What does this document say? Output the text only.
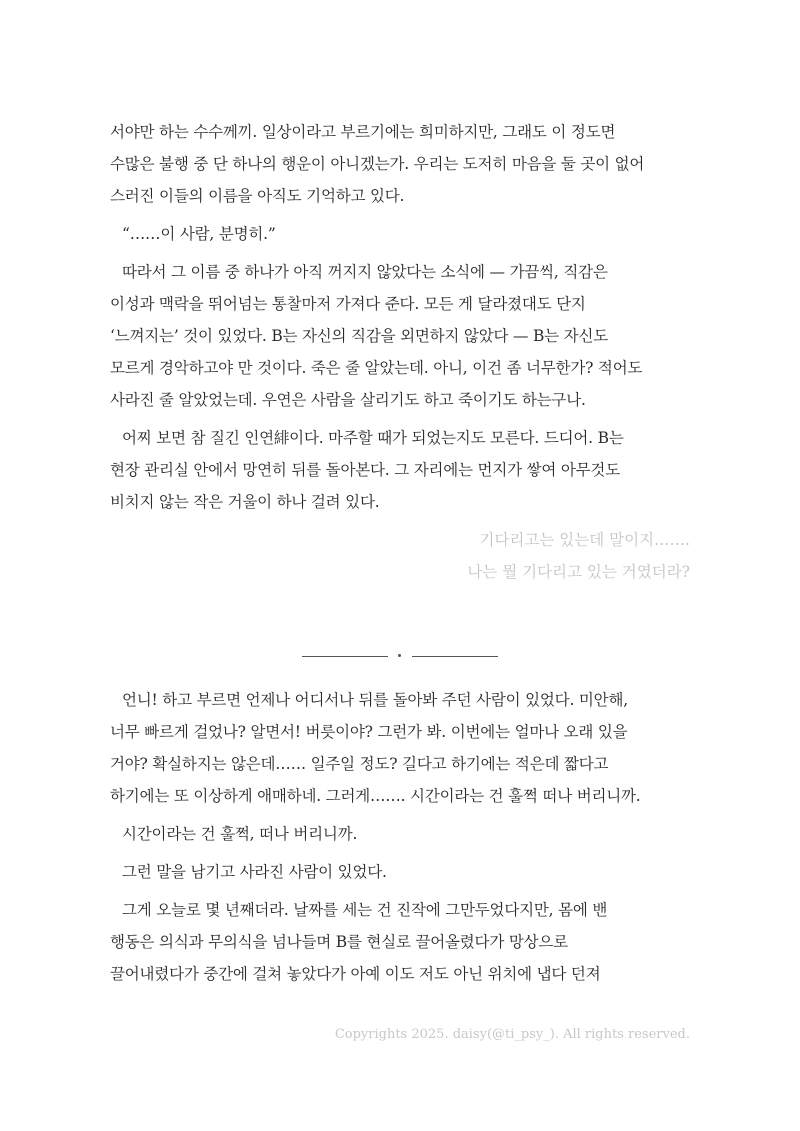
서야만 하는 수수께끼. 일상이라고 부르기에는 희미하지만, 그래도 이 정도면
수많은 불행 중 단 하나의 행운이 아니겠는가. 우리는 도저히 마음을 둘 곳이 없어
스러진 이들의 이름을 아직도 기억하고 있다.
“……이 사람, 분명히.”
따라서 그 이름 중 하나가 아직 꺼지지 않았다는 소식에 — 가끔씩, 직감은
이성과 맥락을 뛰어넘는 통찰마저 가져다 준다. 모든 게 달라졌대도 단지
‘느껴지는’ 것이 있었다. B는 자신의 직감을 외면하지 않았다 — B는 자신도
모르게 경악하고야 만 것이다. 죽은 줄 알았는데. 아니, 이건 좀 너무한가? 적어도
사라진 줄 알았었는데. 우연은 사람을 살리기도 하고 죽이기도 하는구나.
어찌 보면 참 질긴 인연緋이다. 마주할 때가 되었는지도 모른다. 드디어. B는
현장 관리실 안에서 망연히 뒤를 돌아본다. 그 자리에는 먼지가 쌓여 아무것도
비치지 않는 작은 거울이 하나 걸려 있다.
기다리고는 있는데 말이지…….
나는 뭘 기다리고 있는 거였더라?
언니! 하고 부르면 언제나 어디서나 뒤를 돌아봐 주던 사람이 있었다. 미안해,
너무 빠르게 걸었나? 알면서! 버릇이야? 그런가 봐. 이번에는 얼마나 오래 있을
거야? 확실하지는 않은데…… 일주일 정도? 길다고 하기에는 적은데 짧다고
하기에는 또 이상하게 애매하네. 그러게……. 시간이라는 건 훌쩍 떠나 버리니까.
시간이라는 건 훌쩍, 떠나 버리니까.
그런 말을 남기고 사라진 사람이 있었다.
그게 오늘로 몇 년째더라. 날짜를 세는 건 진작에 그만두었다지만, 몸에 밴
행동은 의식과 무의식을 넘나들며 B를 현실로 끌어올렸다가 망상으로
끌어내렸다가 중간에 걸쳐 놓았다가 아예 이도 저도 아닌 위치에 냅다 던져
Copyrights 2025. daisy(@ti_psy_). All rights reserved.
